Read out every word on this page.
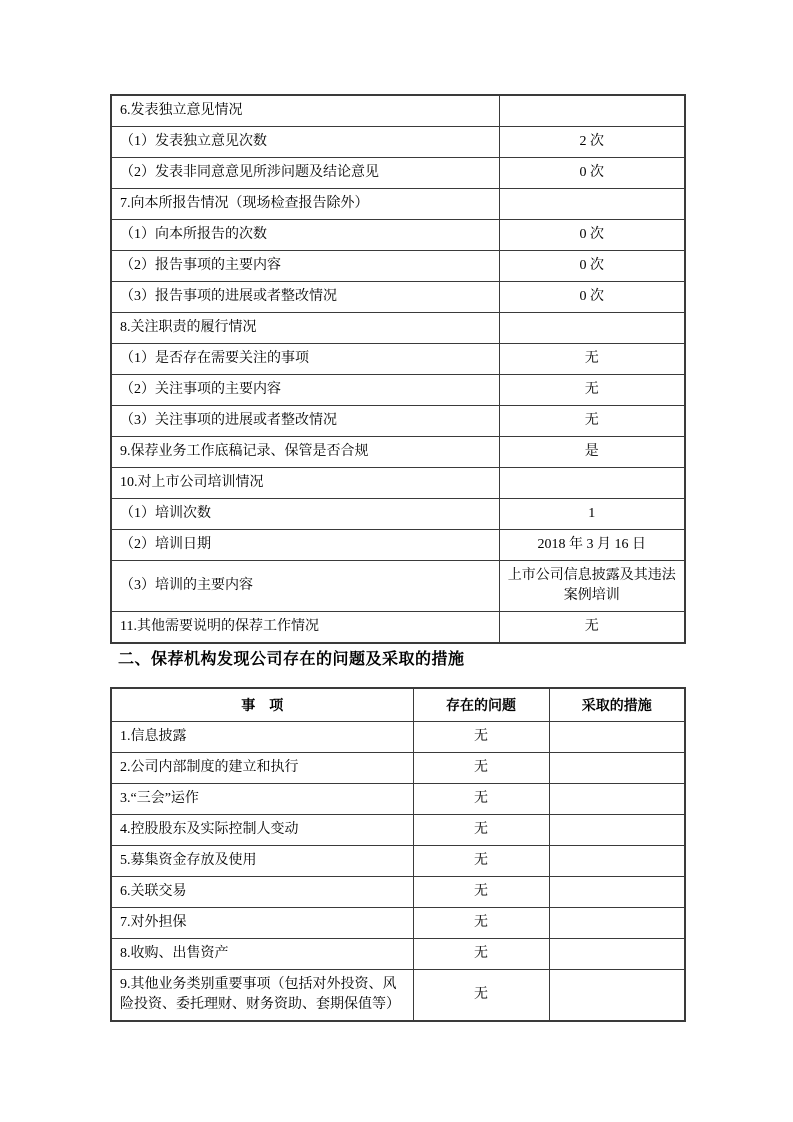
6.发表独立意见情况	
（1）发表独立意见次数	2 次
（2）发表非同意意见所涉问题及结论意见	0 次
7.向本所报告情况（现场检查报告除外）	
（1）向本所报告的次数	0 次
（2）报告事项的主要内容	0 次
（3）报告事项的进展或者整改情况	0 次
8.关注职责的履行情况	
（1）是否存在需要关注的事项	无
（2）关注事项的主要内容	无
（3）关注事项的进展或者整改情况	无
9.保荐业务工作底稿记录、保管是否合规	是
10.对上市公司培训情况	
（1）培训次数	1
（2）培训日期	2018 年 3 月 16 日
（3）培训的主要内容	上市公司信息披露及其违法案例培训
11.其他需要说明的保荐工作情况	无
二、保荐机构发现公司存在的问题及采取的措施
事　项	存在的问题	采取的措施
1.信息披露	无	
2.公司内部制度的建立和执行	无	
3.“三会”运作	无	
4.控股股东及实际控制人变动	无	
5.募集资金存放及使用	无	
6.关联交易	无	
7.对外担保	无	
8.收购、出售资产	无	
9.其他业务类别重要事项（包括对外投资、风险投资、委托理财、财务资助、套期保值等）	无	
